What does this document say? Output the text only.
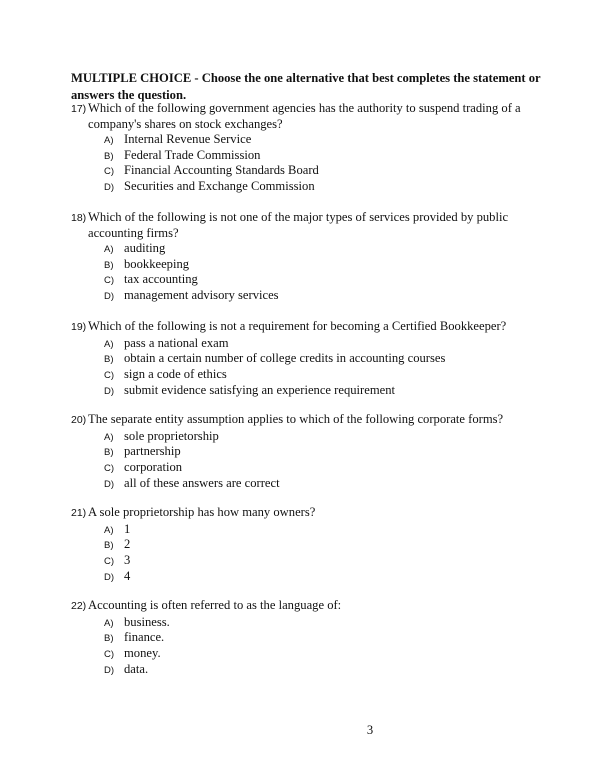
MULTIPLE CHOICE - Choose the one alternative that best completes the statement or
answers the question.
17) Which of the following government agencies has the authority to suspend trading of a
company's shares on stock exchanges?
A) Internal Revenue Service
B) Federal Trade Commission
C) Financial Accounting Standards Board
D) Securities and Exchange Commission
18) Which of the following is not one of the major types of services provided by public
accounting firms?
A) auditing
B) bookkeeping
C) tax accounting
D) management advisory services
19) Which of the following is not a requirement for becoming a Certified Bookkeeper?
A) pass a national exam
B) obtain a certain number of college credits in accounting courses
C) sign a code of ethics
D) submit evidence satisfying an experience requirement
20) The separate entity assumption applies to which of the following corporate forms?
A) sole proprietorship
B) partnership
C) corporation
D) all of these answers are correct
21) A sole proprietorship has how many owners?
A) 1
B) 2
C) 3
D) 4
22) Accounting is often referred to as the language of:
A) business.
B) finance.
C) money.
D) data.
3
